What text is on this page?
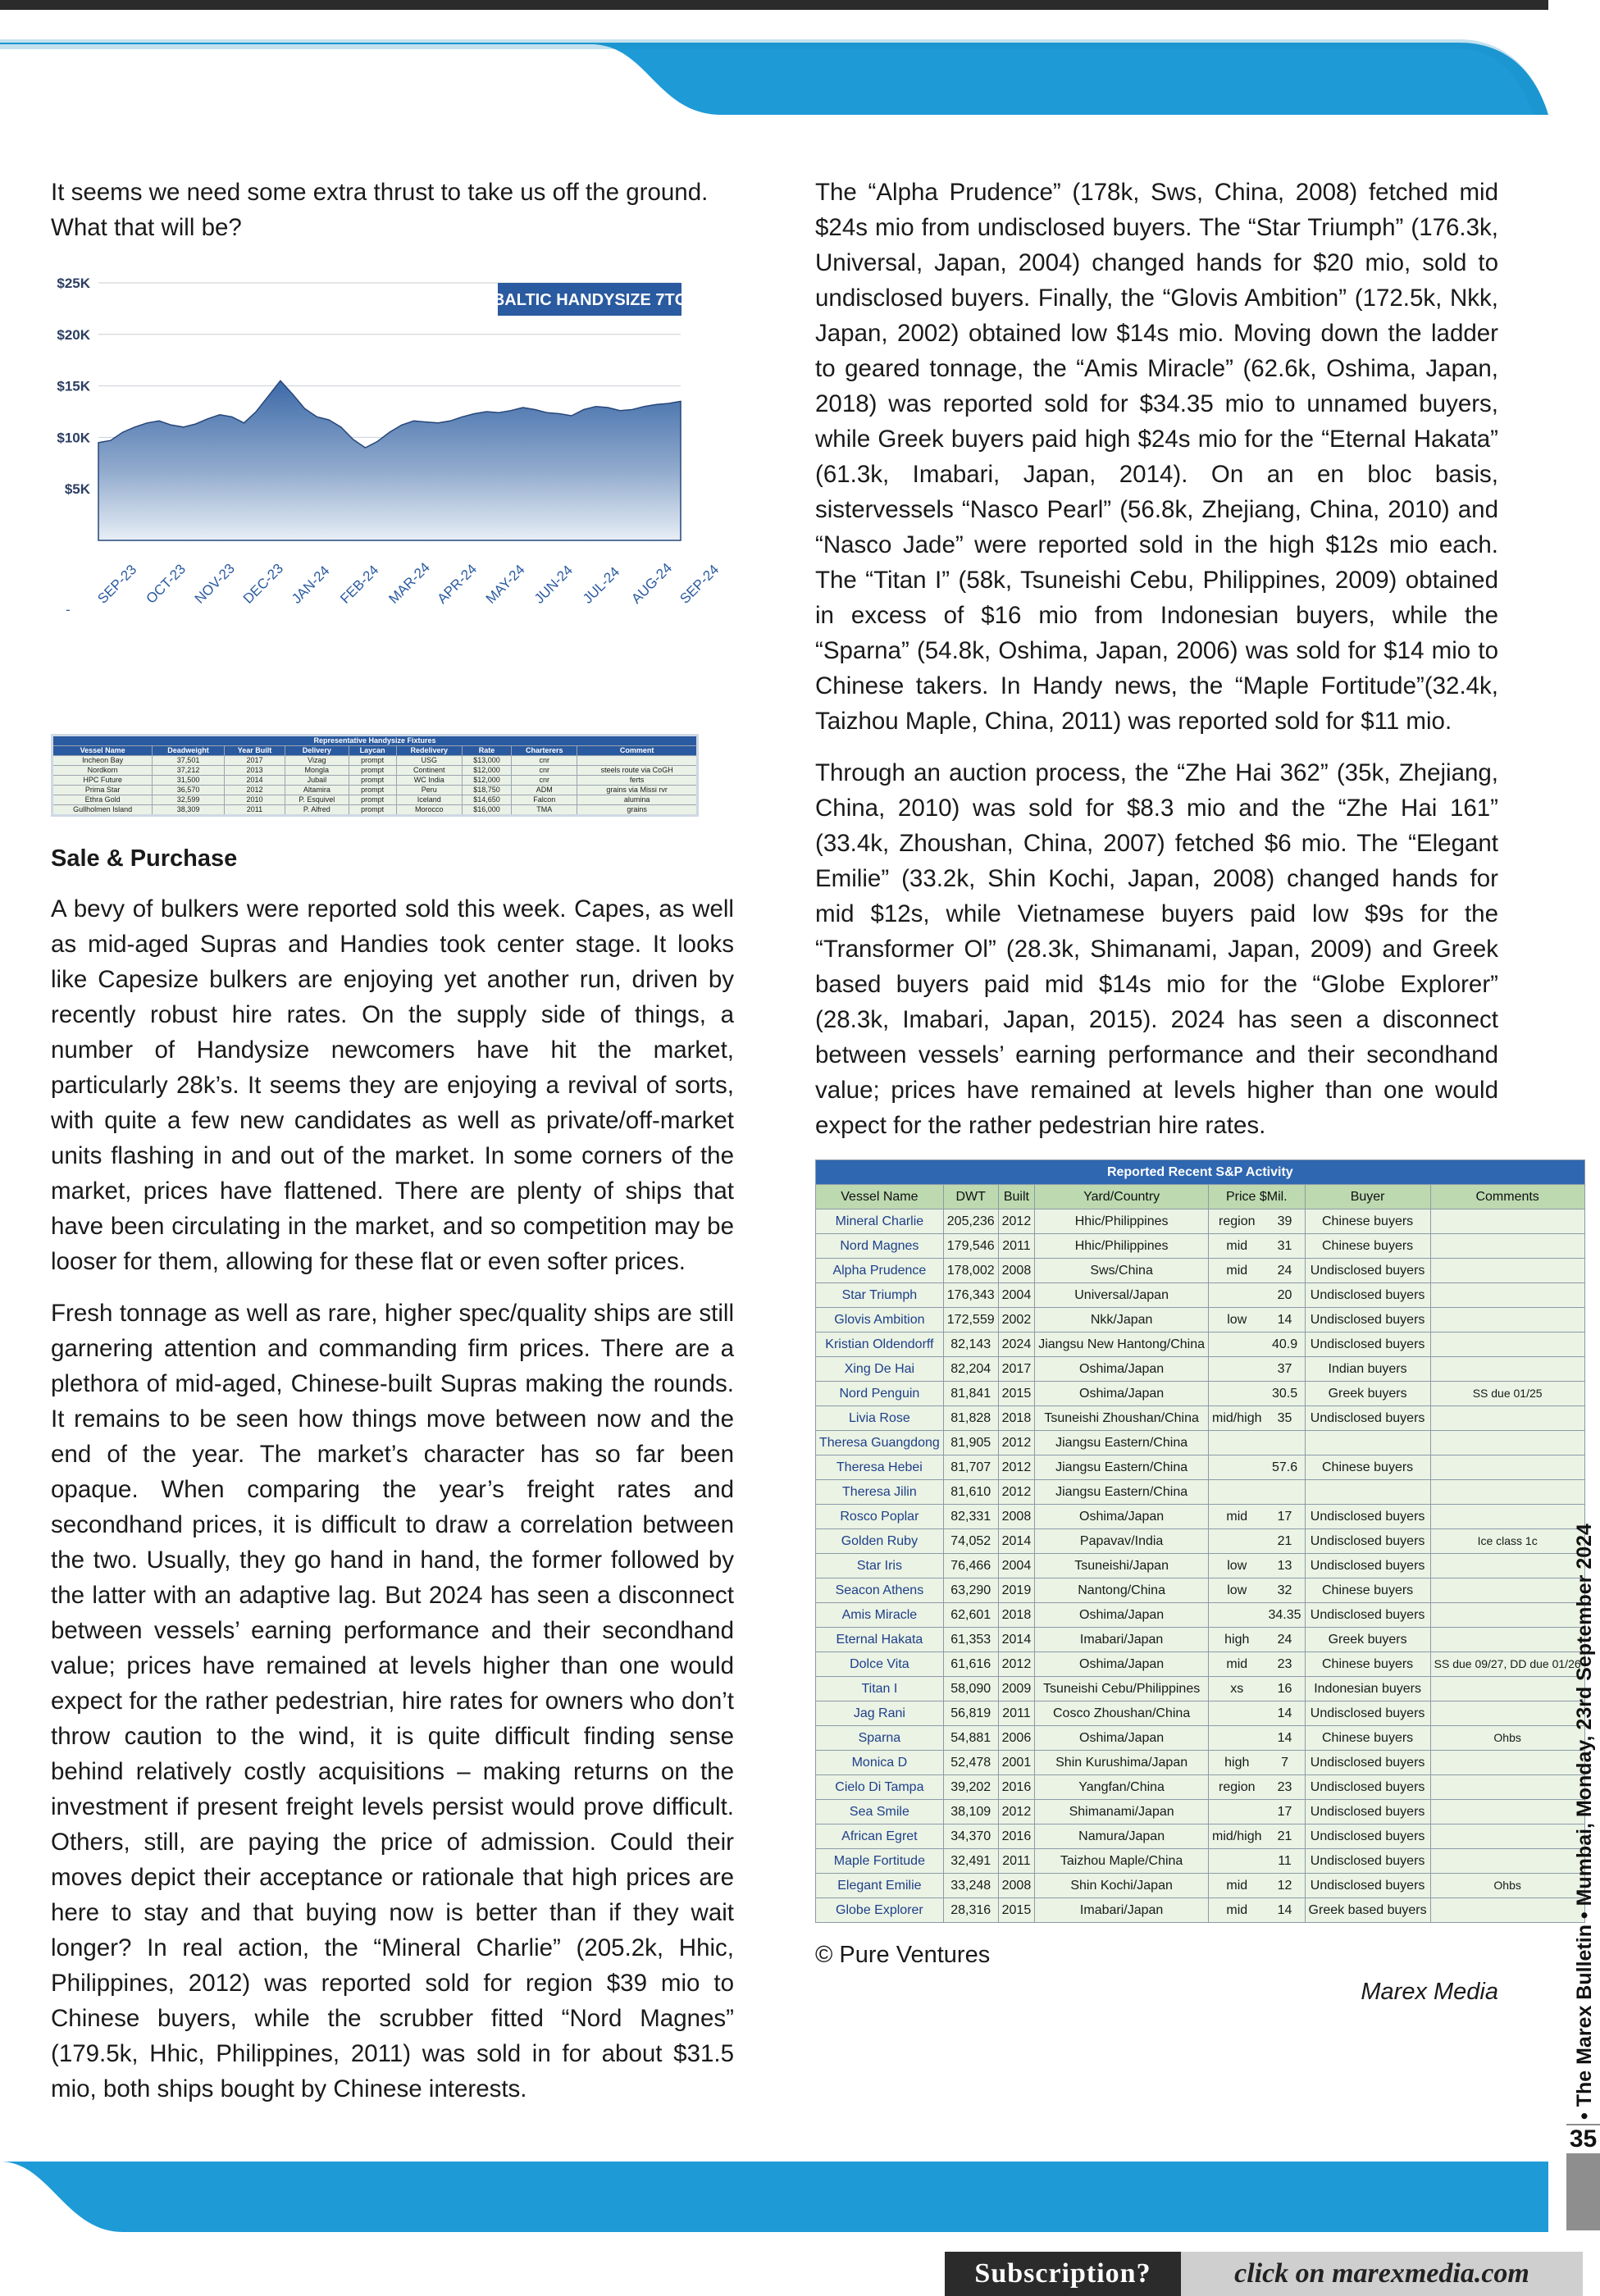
It seems we need some extra thrust to take us off the ground. What that will be?

$5K
$10K
$15K
$20K
$25K
SEP-23 OCT-23 NOV-23 DEC-23 JAN-24 FEB-24 MAR-24 APR-24 MAY-24 JUN-24 JUL-24 AUG-24 SEP-24
-
BALTIC HANDYSIZE 7TC
Representative Handysize Fixtures								
Vessel Name	Deadweight	Year Built	Delivery	Laycan	Redelivery	Rate	Charterers	Comment
Incheon Bay	37,501	2017	Vizag	prompt	USG	$13,000	cnr	
Nordkorn	37,212	2013	Mongla	prompt	Continent	$12,000	cnr	steels route via CoGH
HPC Future	31,500	2014	Jubail	prompt	WC India	$12,000	cnr	ferts
Prima Star	36,570	2012	Altamira	prompt	Peru	$18,750	ADM	grains via Missi rvr
Ethra Gold	32,599	2010	P. Esquivel	prompt	Iceland	$14,650	Falcon	alumina
Gullholmen Island	38,309	2011	P. Alfred	prompt	Morocco	$16,000	TMA	grains
Sale & Purchase

A bevy of bulkers were reported sold this week. Capes, as well as mid-aged Supras and Handies took center stage. It looks like Capesize bulkers are enjoying yet another run, driven by recently robust hire rates. On the supply side of things, a number of Handysize newcomers have hit the market, particularly 28k’s. It seems they are enjoying a revival of sorts, with quite a few new candidates as well as private/off-market units flashing in and out of the market. In some corners of the market, prices have flattened. There are plenty of ships that have been circulating in the market, and so competition may be looser for them, allowing for these flat or even softer prices.

Fresh tonnage as well as rare, higher spec/quality ships are still garnering attention and commanding firm prices. There are a plethora of mid-aged, Chinese-built Supras making the rounds. It remains to be seen how things move between now and the end of the year. The market’s character has so far been opaque. When comparing the year’s freight rates and secondhand prices, it is difficult to draw a correlation between the two. Usually, they go hand in hand, the former followed by the latter with an adaptive lag. But 2024 has seen a disconnect between vessels’ earning performance and their secondhand value; prices have remained at levels higher than one would expect for the rather pedestrian, hire rates for owners who don’t throw caution to the wind, it is quite difficult finding sense behind relatively costly acquisitions – making returns on the investment if present freight levels persist would prove difficult. Others, still, are paying the price of admission. Could their moves depict their acceptance or rationale that high prices are here to stay and that buying now is better than if they wait longer? In real action, the “Mineral Charlie” (205.2k, Hhic, Philippines, 2012) was reported sold for region $39 mio to Chinese buyers, while the scrubber fitted “Nord Magnes” (179.5k, Hhic, Philippines, 2011) was sold in for about $31.5 mio, both ships bought by Chinese interests.

The “Alpha Prudence” (178k, Sws, China, 2008) fetched mid $24s mio from undisclosed buyers. The “Star Triumph” (176.3k, Universal, Japan, 2004) changed hands for $20 mio, sold to undisclosed buyers. Finally, the “Glovis Ambition” (172.5k, Nkk, Japan, 2002) obtained low $14s mio. Moving down the ladder to geared tonnage, the “Amis Miracle” (62.6k, Oshima, Japan, 2018) was reported sold for $34.35 mio to unnamed buyers, while Greek buyers paid high $24s mio for the “Eternal Hakata” (61.3k, Imabari, Japan, 2014). On an en bloc basis, sistervessels “Nasco Pearl” (56.8k, Zhejiang, China, 2010) and “Nasco Jade” were reported sold in the high $12s mio each. The “Titan I” (58k, Tsuneishi Cebu, Philippines, 2009) obtained in excess of $16 mio from Indonesian buyers, while the “Sparna” (54.8k, Oshima, Japan, 2006) was sold for $14 mio to Chinese takers. In Handy news, the “Maple Fortitude”(32.4k, Taizhou Maple, China, 2011) was reported sold for $11 mio.

Through an auction process, the “Zhe Hai 362” (35k, Zhejiang, China, 2010) was sold for $8.3 mio and the “Zhe Hai 161” (33.4k, Zhoushan, China, 2007) fetched $6 mio. The “Elegant Emilie” (33.2k, Shin Kochi, Japan, 2008) changed hands for mid $12s, while Vietnamese buyers paid low $9s for the “Transformer Ol” (28.3k, Shimanami, Japan, 2009) and Greek based buyers paid mid $14s mio for the “Globe Explorer” (28.3k, Imabari, Japan, 2015). 2024 has seen a disconnect between vessels’ earning performance and their secondhand value; prices have remained at levels higher than one would expect for the rather pedestrian hire rates.

Reported Recent S&P Activity							
Vessel Name	DWT	Built	Yard/Country	Price $Mil.		Buyer	Comments
Mineral Charlie	205,236	2012	Hhic/Philippines	region	39	Chinese buyers	
Nord Magnes	179,546	2011	Hhic/Philippines	mid	31	Chinese buyers	
Alpha Prudence	178,002	2008	Sws/China	mid	24	Undisclosed buyers	
Star Triumph	176,343	2004	Universal/Japan		20	Undisclosed buyers	
Glovis Ambition	172,559	2002	Nkk/Japan	low	14	Undisclosed buyers	
Kristian Oldendorff	82,143	2024	Jiangsu New Hantong/China		40.9	Undisclosed buyers	
Xing De Hai	82,204	2017	Oshima/Japan		37	Indian buyers	
Nord Penguin	81,841	2015	Oshima/Japan		30.5	Greek buyers	SS due 01/25
Livia Rose	81,828	2018	Tsuneishi Zhoushan/China	mid/high	35	Undisclosed buyers	
Theresa Guangdong	81,905	2012	Jiangsu Eastern/China				
Theresa Hebei	81,707	2012	Jiangsu Eastern/China		57.6	Chinese buyers	
Theresa Jilin	81,610	2012	Jiangsu Eastern/China				
Rosco Poplar	82,331	2008	Oshima/Japan	mid	17	Undisclosed buyers	
Golden Ruby	74,052	2014	Papavav/India		21	Undisclosed buyers	Ice class 1c
Star Iris	76,466	2004	Tsuneishi/Japan	low	13	Undisclosed buyers	
Seacon Athens	63,290	2019	Nantong/China	low	32	Chinese buyers	
Amis Miracle	62,601	2018	Oshima/Japan		34.35	Undisclosed buyers	
Eternal Hakata	61,353	2014	Imabari/Japan	high	24	Greek buyers	
Dolce Vita	61,616	2012	Oshima/Japan	mid	23	Chinese buyers	SS due 09/27, DD due 01/26
Titan I	58,090	2009	Tsuneishi Cebu/Philippines	xs	16	Indonesian buyers	
Jag Rani	56,819	2011	Cosco Zhoushan/China		14	Undisclosed buyers	
Sparna	54,881	2006	Oshima/Japan		14	Chinese buyers	Ohbs
Monica D	52,478	2001	Shin Kurushima/Japan	high	7	Undisclosed buyers	
Cielo Di Tampa	39,202	2016	Yangfan/China	region	23	Undisclosed buyers	
Sea Smile	38,109	2012	Shimanami/Japan		17	Undisclosed buyers	
African Egret	34,370	2016	Namura/Japan	mid/high	21	Undisclosed buyers	
Maple Fortitude	32,491	2011	Taizhou Maple/China		11	Undisclosed buyers	
Elegant Emilie	33,248	2008	Shin Kochi/Japan	mid	12	Undisclosed buyers	Ohbs
Globe Explorer	28,316	2015	Imabari/Japan	mid	14	Greek based buyers	
© Pure Ventures
Marex Media	• The Marex Bulletin • Mumbai, Monday, 23rd September 2024
35
Subscription?	click on marexmedia.com
